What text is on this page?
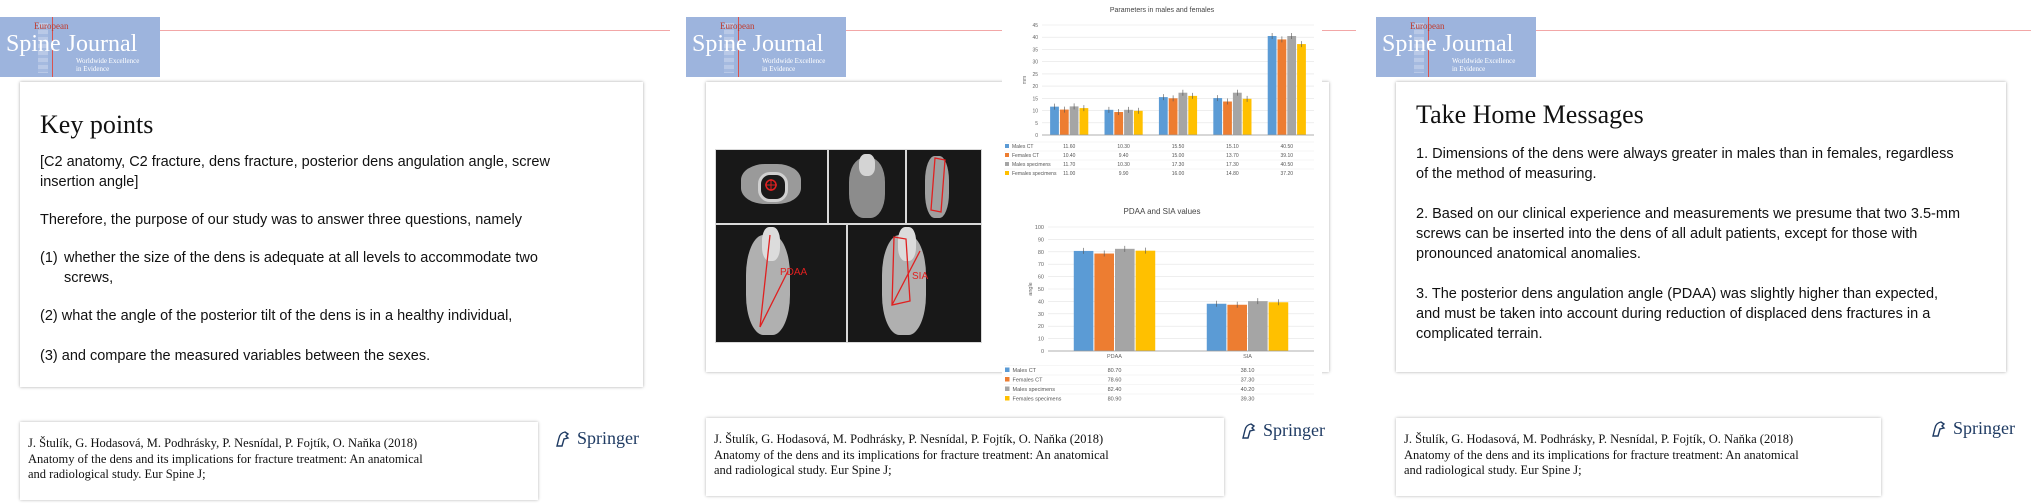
European
Spine Journal
Worldwide Excellence
in Evidence
Key points

[C2 anatomy, C2 fracture, dens fracture, posterior dens angulation angle, screw insertion angle]

Therefore, the purpose of our study was to answer three questions, namely

(1) whether the size of the dens is adequate at all levels to accommodate two screws,

(2) what the angle of the posterior tilt of the dens is in a healthy individual,

(3) and compare the measured variables between the sexes.

J. Štulík, G. Hodasová, M. Podhrásky, P. Nesnídal, P. Fojtík, O. Naňka (2018)
Anatomy of the dens and its implications for fracture treatment: An anatomical
and radiological study. Eur Spine J;
Springer
European
Spine Journal
Worldwide Excellence
in Evidence
PDAA	SIA
Parameters in males and females
0
5
10
15
20
25
30
35
40
45
mm
Males CT	11.60	10.30	15.50	15.10	40.50
Females CT	10.40	9.40	15.00	13.70	39.10
Males specimens 11.70	10.30	17.30	17.30	40.50
Females specimens 11.00	9.90	16.00	14.80	37.20
PDAA and SIA values
0
10
20
30
40
50
60
70
80
90
100
angle
PDAA	SIA
Males CT	80.70	38.10
Females CT	78.60	37.30
Males specimens	82.40	40.20
Females specimens	80.90	39.30
J. Štulík, G. Hodasová, M. Podhrásky, P. Nesnídal, P. Fojtík, O. Naňka (2018)
Anatomy of the dens and its implications for fracture treatment: An anatomical
and radiological study. Eur Spine J;
Springer
European
Spine Journal
Worldwide Excellence
in Evidence
Take Home Messages

1. Dimensions of the dens were always greater in males than in females, regardless of the method of measuring.

2. Based on our clinical experience and measurements we presume that two 3.5-mm screws can be inserted into the dens of all adult patients, except for those with pronounced anatomical anomalies.

3. The posterior dens angulation angle (PDAA) was slightly higher than expected, and must be taken into account during reduction of displaced dens fractures in a complicated terrain.

J. Štulík, G. Hodasová, M. Podhrásky, P. Nesnídal, P. Fojtík, O. Naňka (2018)
Anatomy of the dens and its implications for fracture treatment: An anatomical
and radiological study. Eur Spine J;
Springer
